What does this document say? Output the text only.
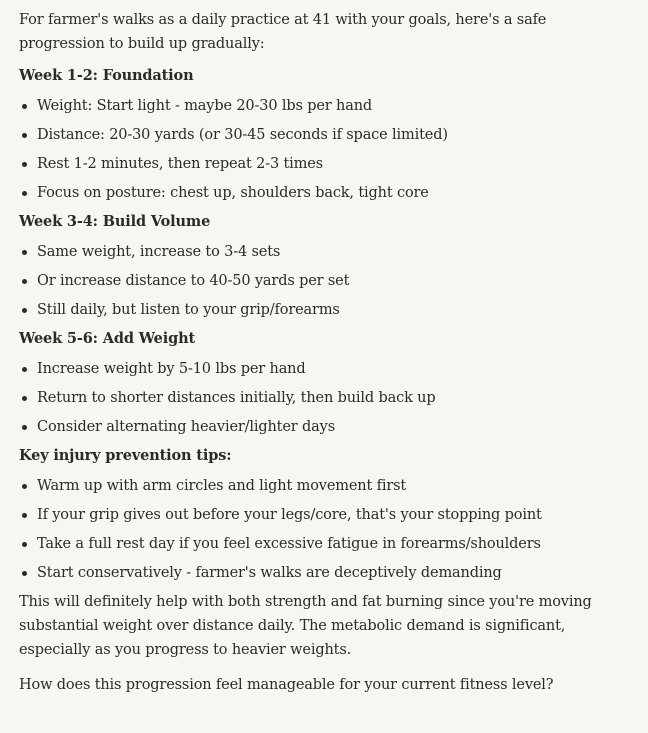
For farmer's walks as a daily practice at 41 with your goals, here's a safe progression to build up gradually:

Week 1-2: Foundation
Weight: Start light - maybe 20-30 lbs per hand
Distance: 20-30 yards (or 30-45 seconds if space limited)
Rest 1-2 minutes, then repeat 2-3 times
Focus on posture: chest up, shoulders back, tight core
Week 3-4: Build Volume
Same weight, increase to 3-4 sets
Or increase distance to 40-50 yards per set
Still daily, but listen to your grip/forearms
Week 5-6: Add Weight
Increase weight by 5-10 lbs per hand
Return to shorter distances initially, then build back up
Consider alternating heavier/lighter days
Key injury prevention tips:
Warm up with arm circles and light movement first
If your grip gives out before your legs/core, that's your stopping point
Take a full rest day if you feel excessive fatigue in forearms/shoulders
Start conservatively - farmer's walks are deceptively demanding

This will definitely help with both strength and fat burning since you're moving substantial weight over distance daily. The metabolic demand is significant, especially as you progress to heavier weights.

How does this progression feel manageable for your current fitness level?
